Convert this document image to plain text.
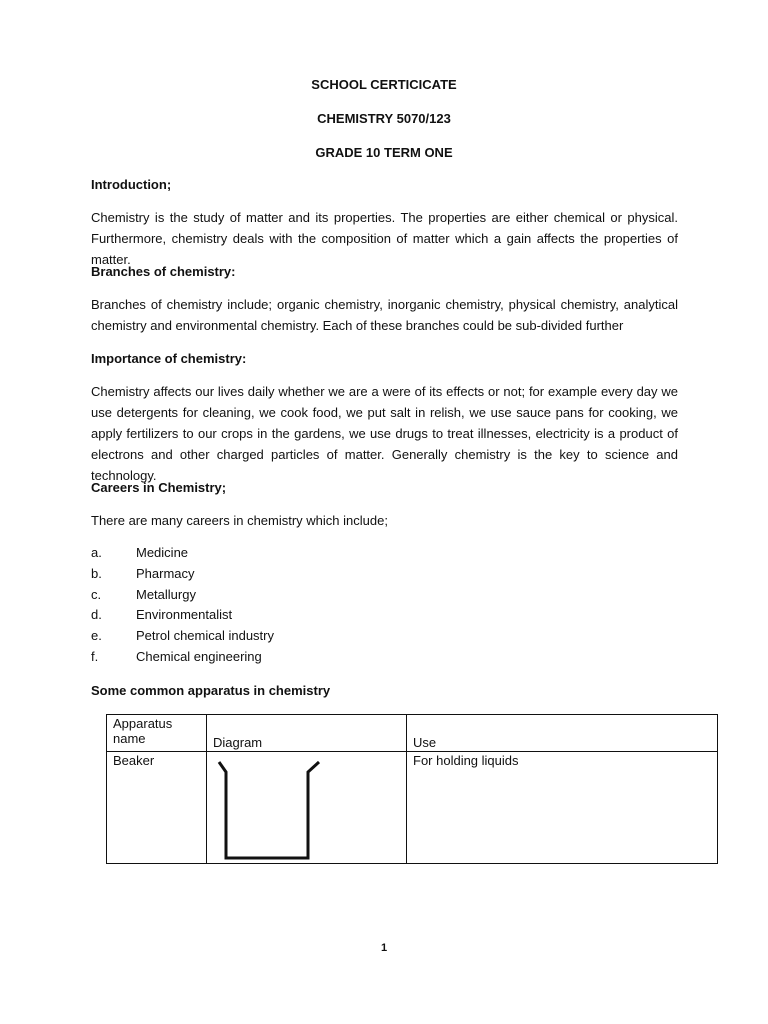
SCHOOL CERTICICATE
CHEMISTRY 5070/123
GRADE 10 TERM ONE
Introduction;

Chemistry is the study of matter and its properties. The properties are either chemical or physical. Furthermore, chemistry deals with the composition of matter which a gain affects the properties of matter.

Branches of chemistry:

Branches of chemistry include; organic chemistry, inorganic chemistry, physical chemistry, analytical chemistry and environmental chemistry. Each of these branches could be sub-divided further

Importance of chemistry:

Chemistry affects our lives daily whether we are a were of its effects or not; for example every day we use detergents for cleaning, we cook food, we put salt in relish, we use sauce pans for cooking, we apply fertilizers to our crops in the gardens, we use drugs to treat illnesses, electricity is a product of electrons and other charged particles of matter. Generally chemistry is the key to science and technology.

Careers in Chemistry;
There are many careers in chemistry which include;
a.	Medicine
b.	Pharmacy
c.	Metallurgy
d.	Environmentalist
e.	Petrol chemical industry
f.	Chemical engineering
Some common apparatus in chemistry
Apparatus name	Diagram	Use
Beaker		For holding liquids
1
